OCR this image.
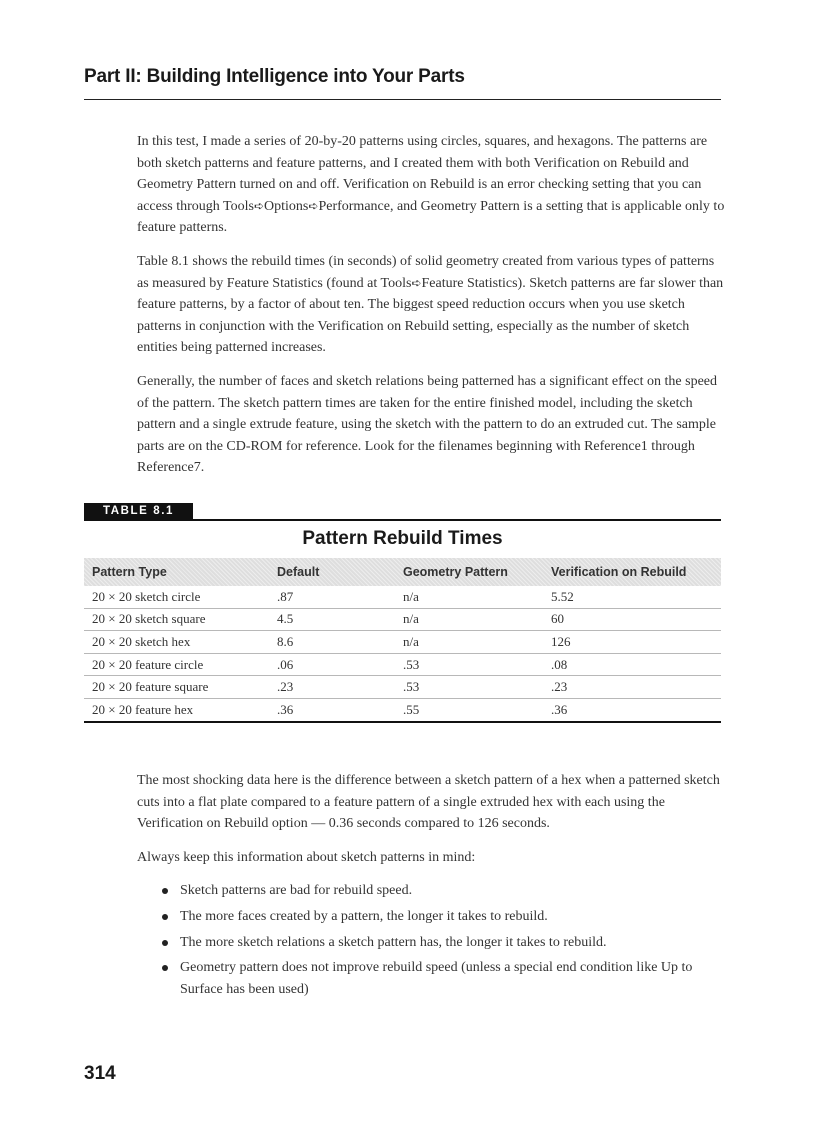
Part II: Building Intelligence into Your Parts

In this test, I made a series of 20-by-20 patterns using circles, squares, and hexagons. The patterns are both sketch patterns and feature patterns, and I created them with both Verification on Rebuild and Geometry Pattern turned on and off. Verification on Rebuild is an error checking setting that you can access through Tools➪Options➪Performance, and Geometry Pattern is a setting that is applicable only to feature patterns.

Table 8.1 shows the rebuild times (in seconds) of solid geometry created from various types of patterns as measured by Feature Statistics (found at Tools➪Feature Statistics). Sketch patterns are far slower than feature patterns, by a factor of about ten. The biggest speed reduction occurs when you use sketch patterns in conjunction with the Verification on Rebuild setting, especially as the number of sketch entities being patterned increases.

Generally, the number of faces and sketch relations being patterned has a significant effect on the speed of the pattern. The sketch pattern times are taken for the entire finished model, including the sketch pattern and a single extrude feature, using the sketch with the pattern to do an extruded cut. The sample parts are on the CD-ROM for reference. Look for the filenames beginning with Reference1 through Reference7.

TABLE 8.1
Pattern Rebuild Times
Pattern Type	Default	Geometry Pattern	Verification on Rebuild
20 × 20 sketch circle	.87	n/a	5.52
20 × 20 sketch square	4.5	n/a	60
20 × 20 sketch hex	8.6	n/a	126
20 × 20 feature circle	.06	.53	.08
20 × 20 feature square	.23	.53	.23
20 × 20 feature hex	.36	.55	.36

The most shocking data here is the difference between a sketch pattern of a hex when a patterned sketch cuts into a flat plate compared to a feature pattern of a single extruded hex with each using the Verification on Rebuild option — 0.36 seconds compared to 126 seconds.

Always keep this information about sketch patterns in mind:

Sketch patterns are bad for rebuild speed.
The more faces created by a pattern, the longer it takes to rebuild.
The more sketch relations a sketch pattern has, the longer it takes to rebuild.
Geometry pattern does not improve rebuild speed (unless a special end condition like Up to Surface has been used)
314
